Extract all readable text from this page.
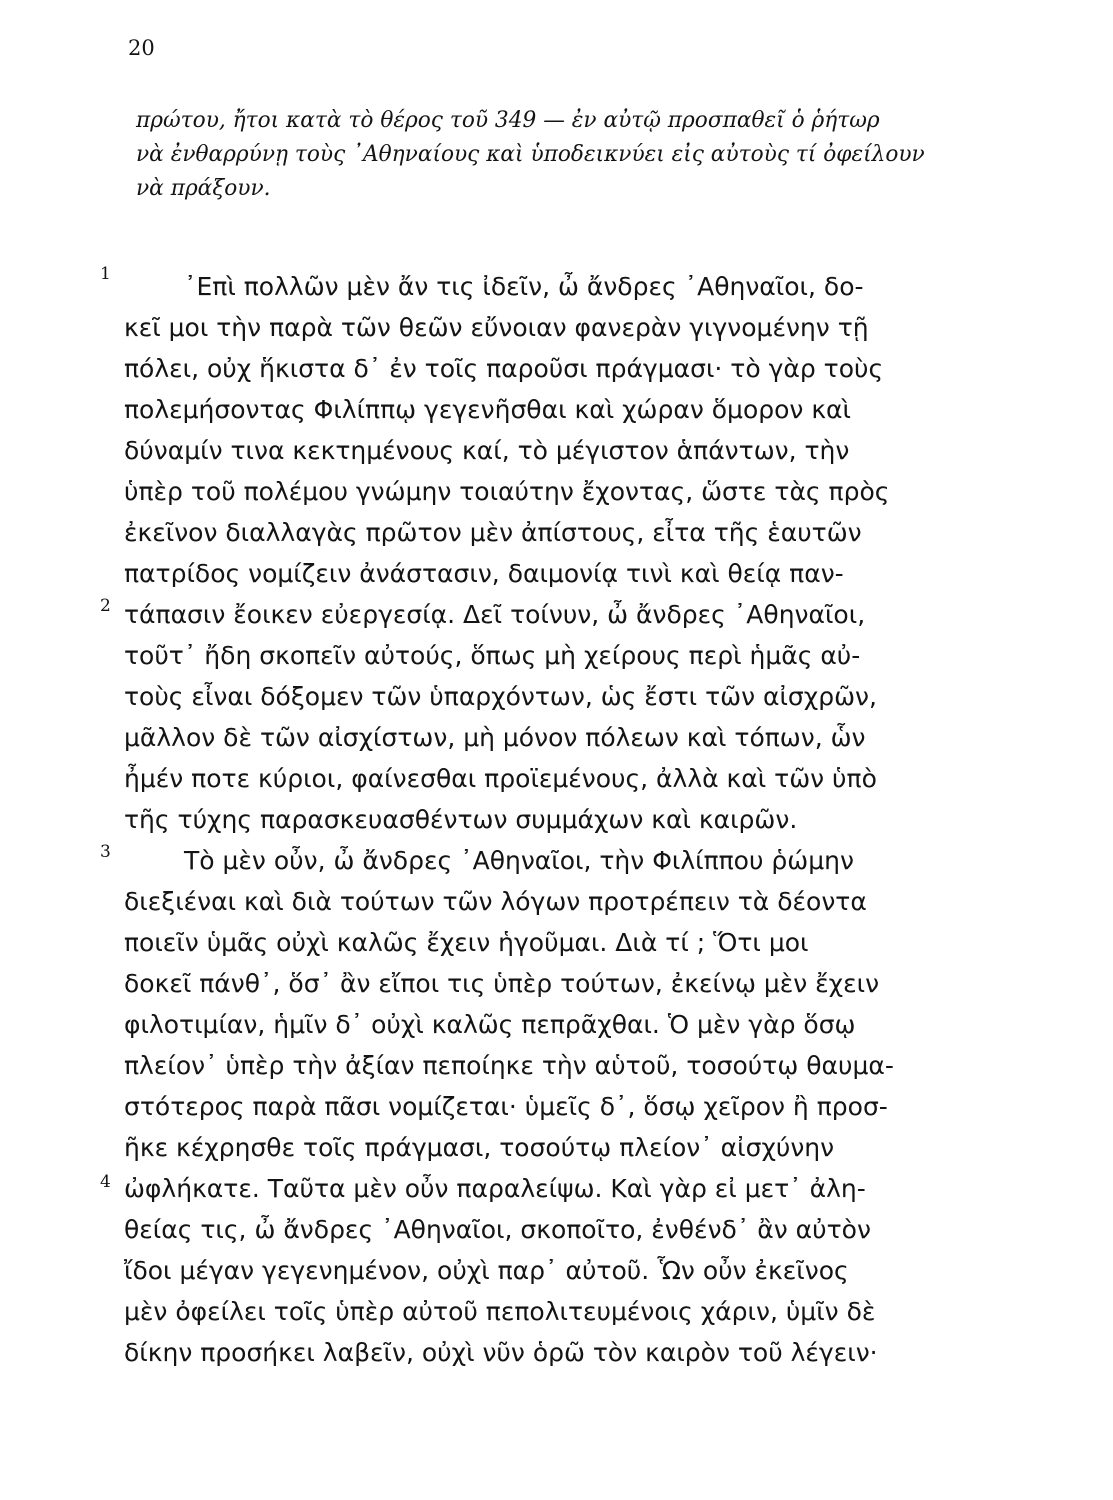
20
πρώτου, ἤτοι κατὰ τὸ θέρος τοῦ 349 — ἐν αὐτῷ προσπαθεῖ ὁ ῥήτωρ
νὰ ἐνθαρρύνῃ τοὺς ᾿Αθηναίους καὶ ὑποδεικνύει εἰς αὐτοὺς τί ὀφείλουν
νὰ πράξουν.
1
2
3
4
᾿Επὶ πολλῶν μὲν ἄν τις ἰδεῖν, ὦ ἄνδρες ᾿Αθηναῖοι, δο-
κεῖ μοι τὴν παρὰ τῶν θεῶν εὔνοιαν φανερὰν γιγνομένην τῇ
πόλει, οὐχ ἥκιστα δ᾿ ἐν τοῖς παροῦσι πράγμασι· τὸ γὰρ τοὺς
πολεμήσοντας Φιλίππῳ γεγενῆσθαι καὶ χώραν ὅμορον καὶ
δύναμίν τινα κεκτημένους καί, τὸ μέγιστον ἁπάντων, τὴν
ὑπὲρ τοῦ πολέμου γνώμην τοιαύτην ἔχοντας, ὥστε τὰς πρὸς
ἐκεῖνον διαλλαγὰς πρῶτον μὲν ἀπίστους, εἶτα τῆς ἑαυτῶν
πατρίδος νομίζειν ἀνάστασιν, δαιμονίᾳ τινὶ καὶ θείᾳ παν-
τάπασιν ἔοικεν εὐεργεσίᾳ. Δεῖ τοίνυν, ὦ ἄνδρες ᾿Αθηναῖοι,
τοῦτ᾿ ἤδη σκοπεῖν αὐτούς, ὅπως μὴ χείρους περὶ ἡμᾶς αὐ-
τοὺς εἶναι δόξομεν τῶν ὑπαρχόντων, ὡς ἔστι τῶν αἰσχρῶν,
μᾶλλον δὲ τῶν αἰσχίστων, μὴ μόνον πόλεων καὶ τόπων, ὧν
ἦμέν ποτε κύριοι, φαίνεσθαι προϊεμένους, ἀλλὰ καὶ τῶν ὑπὸ
τῆς τύχης παρασκευασθέντων συμμάχων καὶ καιρῶν.
Τὸ μὲν οὖν, ὦ ἄνδρες ᾿Αθηναῖοι, τὴν Φιλίππου ῥώμην
διεξιέναι καὶ διὰ τούτων τῶν λόγων προτρέπειν τὰ δέοντα
ποιεῖν ὑμᾶς οὐχὶ καλῶς ἔχειν ἡγοῦμαι. Διὰ τί ; Ὅτι μοι
δοκεῖ πάνθ᾿, ὅσ᾿ ἂν εἴποι τις ὑπὲρ τούτων, ἐκείνῳ μὲν ἔχειν
φιλοτιμίαν, ἡμῖν δ᾿ οὐχὶ καλῶς πεπρᾶχθαι. Ὁ μὲν γὰρ ὅσῳ
πλείον᾿ ὑπὲρ τὴν ἀξίαν πεποίηκε τὴν αὑτοῦ, τοσούτῳ θαυμα-
στότερος παρὰ πᾶσι νομίζεται· ὑμεῖς δ᾿, ὅσῳ χεῖρον ἢ προσ-
ῆκε κέχρησθε τοῖς πράγμασι, τοσούτῳ πλείον᾿ αἰσχύνην
ὠφλήκατε. Ταῦτα μὲν οὖν παραλείψω. Καὶ γὰρ εἰ μετ᾿ ἀλη-
θείας τις, ὦ ἄνδρες ᾿Αθηναῖοι, σκοποῖτο, ἐνθένδ᾿ ἂν αὐτὸν
ἴδοι μέγαν γεγενημένον, οὐχὶ παρ᾿ αὐτοῦ. Ὧν οὖν ἐκεῖνος
μὲν ὀφείλει τοῖς ὑπὲρ αὐτοῦ πεπολιτευμένοις χάριν, ὑμῖν δὲ
δίκην προσήκει λαβεῖν, οὐχὶ νῦν ὁρῶ τὸν καιρὸν τοῦ λέγειν·
